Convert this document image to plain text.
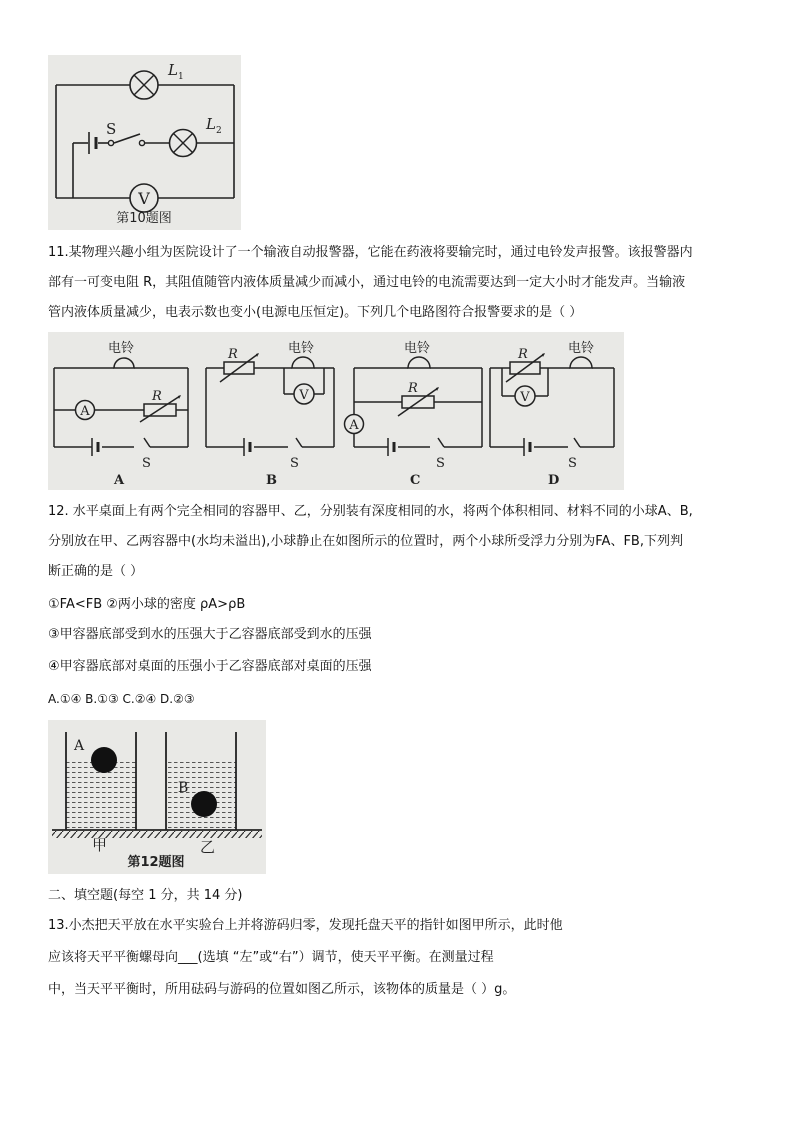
V
L 1
L 2
S
第10题图
11.某物理兴趣小组为医院设计了一个输液自动报警器，它能在药液将要输完时，通过电铃发声报警。该报警器内
部有一可变电阻 R，其阻值随管内液体质量减少而减小，通过电铃的电流需要达到一定大小时才能发声。当输液
管内液体质量减少，电表示数也变小(电源电压恒定)。下列几个电路图符合报警要求的是（ ）
A
电铃
R
S
A
V
电铃
R
S
B
A
电铃
R
S
C
V
电铃
R
S
D
12. 水平桌面上有两个完全相同的容器甲、乙，分别装有深度相同的水，将两个体积相同、材料不同的小球A、B,
分别放在甲、乙两容器中(水均未溢出),小球静止在如图所示的位置时，两个小球所受浮力分别为FA、FB,下列判
断正确的是（ ）
①FA<FB ②两小球的密度 ρA>ρB
③甲容器底部受到水的压强大于乙容器底部受到水的压强
④甲容器底部对桌面的压强小于乙容器底部对桌面的压强
A.①④ B.①③ C.②④ D.②③
A
B
甲	乙
第12题图
二、填空题(每空 1 分，共 14 分)
13.小杰把天平放在水平实验台上并将游码归零，发现托盘天平的指针如图甲所示，此时他
应该将天平平衡螺母向___(选填 “左”或“右”）调节，使天平平衡。在测量过程
中，当天平平衡时，所用砝码与游码的位置如图乙所示，该物体的质量是（ ）g。
